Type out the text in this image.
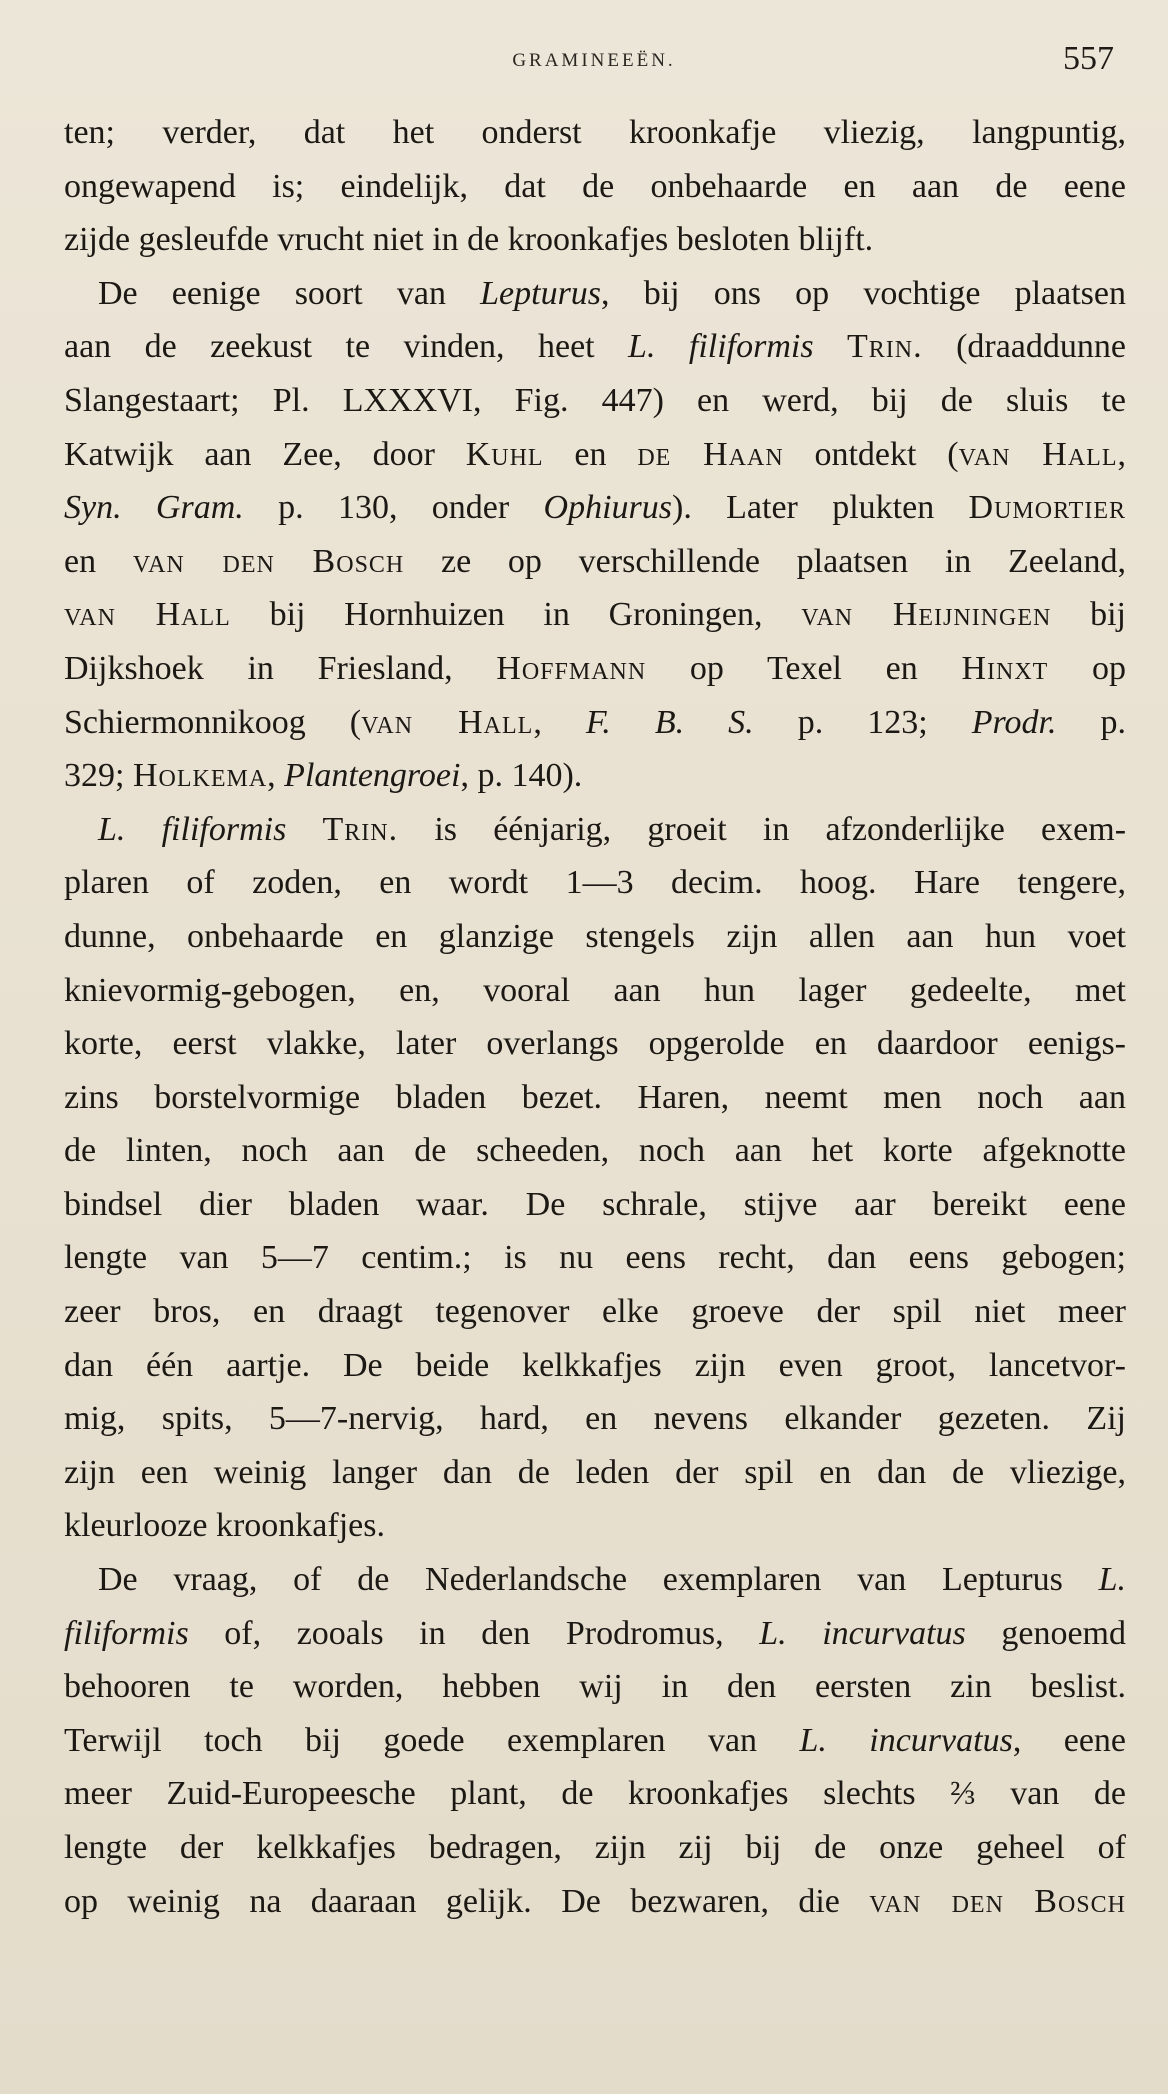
GRAMINEEËN.	557

ten; verder, dat het onderst kroonkafje vliezig, langpuntig,

ongewapend is; eindelijk, dat de onbehaarde en aan de eene

zijde gesleufde vrucht niet in de kroonkafjes besloten blijft.

De eenige soort van Lepturus, bij ons op vochtige plaatsen

aan de zeekust te vinden, heet L. filiformis Trin. (draaddunne

Slangestaart; Pl. LXXXVI, Fig. 447) en werd, bij de sluis te

Katwijk aan Zee, door Kuhl en de Haan ontdekt (van Hall,

Syn. Gram. p. 130, onder Ophiurus). Later plukten Dumortier

en van den Bosch ze op verschillende plaatsen in Zeeland,

van Hall bij Hornhuizen in Groningen, van Heijningen bij

Dijkshoek in Friesland, Hoffmann op Texel en Hinxt op

Schiermonnikoog (van Hall, F. B. S. p. 123; Prodr. p.

329; Holkema, Plantengroei, p. 140).

L. filiformis Trin. is éénjarig, groeit in afzonderlijke exem-

plaren of zoden, en wordt 1—3 decim. hoog. Hare tengere,

dunne, onbehaarde en glanzige stengels zijn allen aan hun voet

knievormig-gebogen, en, vooral aan hun lager gedeelte, met

korte, eerst vlakke, later overlangs opgerolde en daardoor eenigs-

zins borstelvormige bladen bezet. Haren, neemt men noch aan

de linten, noch aan de scheeden, noch aan het korte afgeknotte

bindsel dier bladen waar. De schrale, stijve aar bereikt eene

lengte van 5—7 centim.; is nu eens recht, dan eens gebogen;

zeer bros, en draagt tegenover elke groeve der spil niet meer

dan één aartje. De beide kelkkafjes zijn even groot, lancetvor-

mig, spits, 5—7-nervig, hard, en nevens elkander gezeten. Zij

zijn een weinig langer dan de leden der spil en dan de vliezige,

kleurlooze kroonkafjes.

De vraag, of de Nederlandsche exemplaren van Lepturus L.

filiformis of, zooals in den Prodromus, L. incurvatus genoemd

behooren te worden, hebben wij in den eersten zin beslist.

Terwijl toch bij goede exemplaren van L. incurvatus, eene

meer Zuid-Europeesche plant, de kroonkafjes slechts ⅔ van de

lengte der kelkkafjes bedragen, zijn zij bij de onze geheel of

op weinig na daaraan gelijk. De bezwaren, die van den Bosch
